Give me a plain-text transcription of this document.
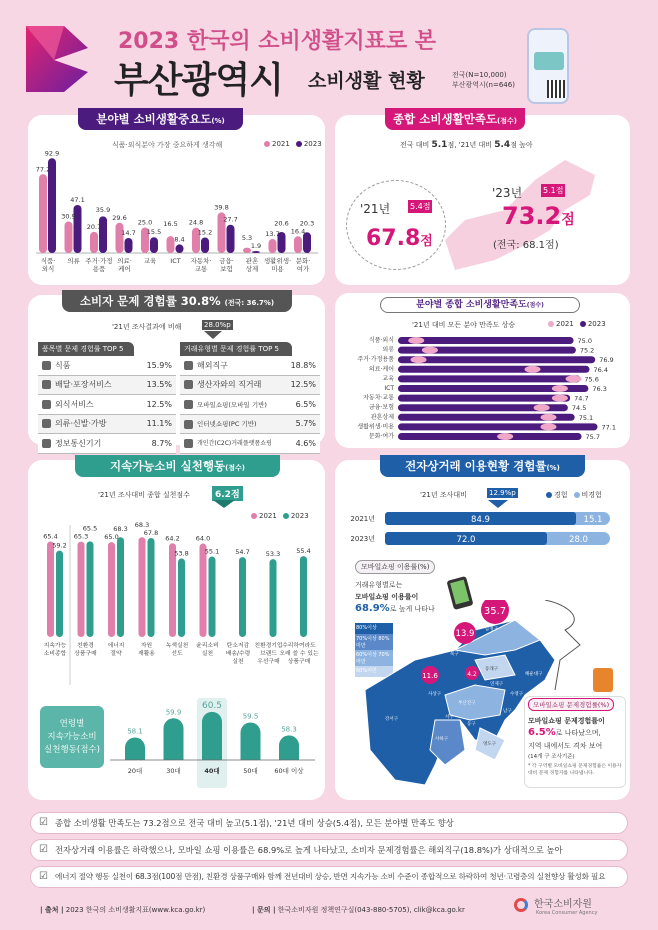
2023 한국의 소비생활지표로 본
부산광역시 소비생활 현황	전국(N=10,000)
부산광역시(n=646)
분야별 소비생활중요도(%)
식품·외식분야 가장 중요하게 생각해	2021 2023
식품· 외식
의류 주거·가정 용품
의료· 케어
교육 ICT 자동차· 교통
금융· 보험
관혼 상제
생활위생· 미용
문화· 여가
1.9
5.3
8.4
13.7
14.7	15.2
15.5	16.4
16.5	20.3
20.6
20.7
24.8
25.0	27.7
29.6
30.9
35.9	39.8
47.1
77.2
92.9
소비자 문제 경험률 30.8% (전국: 36.7%)
'21년 조사결과에 비해	28.0%p
품목별 문제 경험률 TOP 5
식품	15.9%
배달·포장서비스	13.5%
외식서비스	12.5%
의류·신발·가방	11.1%
정보통신기기	8.7%
거래유형별 문제 경험률 TOP 5
해외직구	18.8%
생산자와의 직거래	12.5%
모바일쇼핑(모바일 기반)	6.5%
인터넷쇼핑(PC 기반)	5.7%
개인간(C2C)거래플랫폼쇼핑	4.6%
종합 소비생활만족도(점수)
전국 대비 5.1점, '21년 대비 5.4점 높아
'21년 5.4점
67.8점
'23년	5.1점
73.2점
(전국: 68.1점)
분야별 종합 소비생활만족도(점수)
'21년 대비 모든 분야 만족도 상승	2021 2023
식품·외식	75.0
의류	75.2
주거·가정용품	76.9
의료·케어	76.4
교육	75.6
ICT	76.3
자동차·교통	74.7
금융·보험	74.5
관혼상제	75.1
생활위생·미용	77.1
문화·여가	75.7
지속가능소비 실천행동(점수)
'21년 조사대비 종합 실천점수	6.2점
2021 2023
지속가능 소비종합
친환경 상품구매
에너지 절약
자원 재활용
녹색실천 선도
윤리소비 실천
탄소저감 배송/수령 실천
친환경기업 브랜드 우선구매
수리하여라도 오래 쓸 수 있는 상품구매
53.3
53.8	54.7
55.1	55.4
59.2
64.0
64.2
65.0
65.3
65.4
65.5
67.8
68.3
68.3
연령별
지속가능소비
실천행동(점수)
58.1
20대
59.9
30대
60.5
40대
59.5
50대
58.3
60대 이상
전자상거래 이용현황 경험률(%)
'21년 조사대비	12.9%p	경험 비경험
2021년	84.9	15.1
2023년	72.0	28.0
모바일쇼핑 이용률(%)
거래유형별로는
모바일쇼핑 이용률이
68.9%로 높게 나타나
80%이상
70%이상 80%미만
60%이상 70%미만
60%미만
금정구
북구
동래구
연제구
해운대구
수영구
사상구
부산진구
서구
동구
남구
사하구
영도구
강서구
35.7
13.9
11.6	4.2
모바일쇼핑 문제경험률(%)
모바일쇼핑 문제경험률이
6.5%로 나타났으며,
지역 내에서도 격차 보여
(14개 구 조사기준)
* 각 구역별 모바일쇼핑 문제경험률은 이용자 대비 문제 경험자를 나타냅니다.
☑ 종합 소비생활 만족도는 73.2점으로 전국 대비 높고(5.1점), '21년 대비 상승(5.4점), 모든 분야별 만족도 향상
☑ 전자상거래 이용률은 하락했으나, 모바일 쇼핑 이용률은 68.9%로 높게 나타났고, 소비자 문제경험률은 해외직구(18.8%)가 상대적으로 높아
☑ 에너지 절약 행동 실천이 68.3점(100점 만점), 친환경 상품구매와 함께 전년대비 상승, 반면 지속가능 소비 수준이 종합적으로 하락하여 청년·고령층의 실천향상 활성화 필요
| 출처 | 2023 한국의 소비생활지표(www.kca.go.kr)	| 문의 | 한국소비자원 정책연구실(043-880-5705), clik@kca.go.kr	한국소비자원
Korea Consumer Agency
